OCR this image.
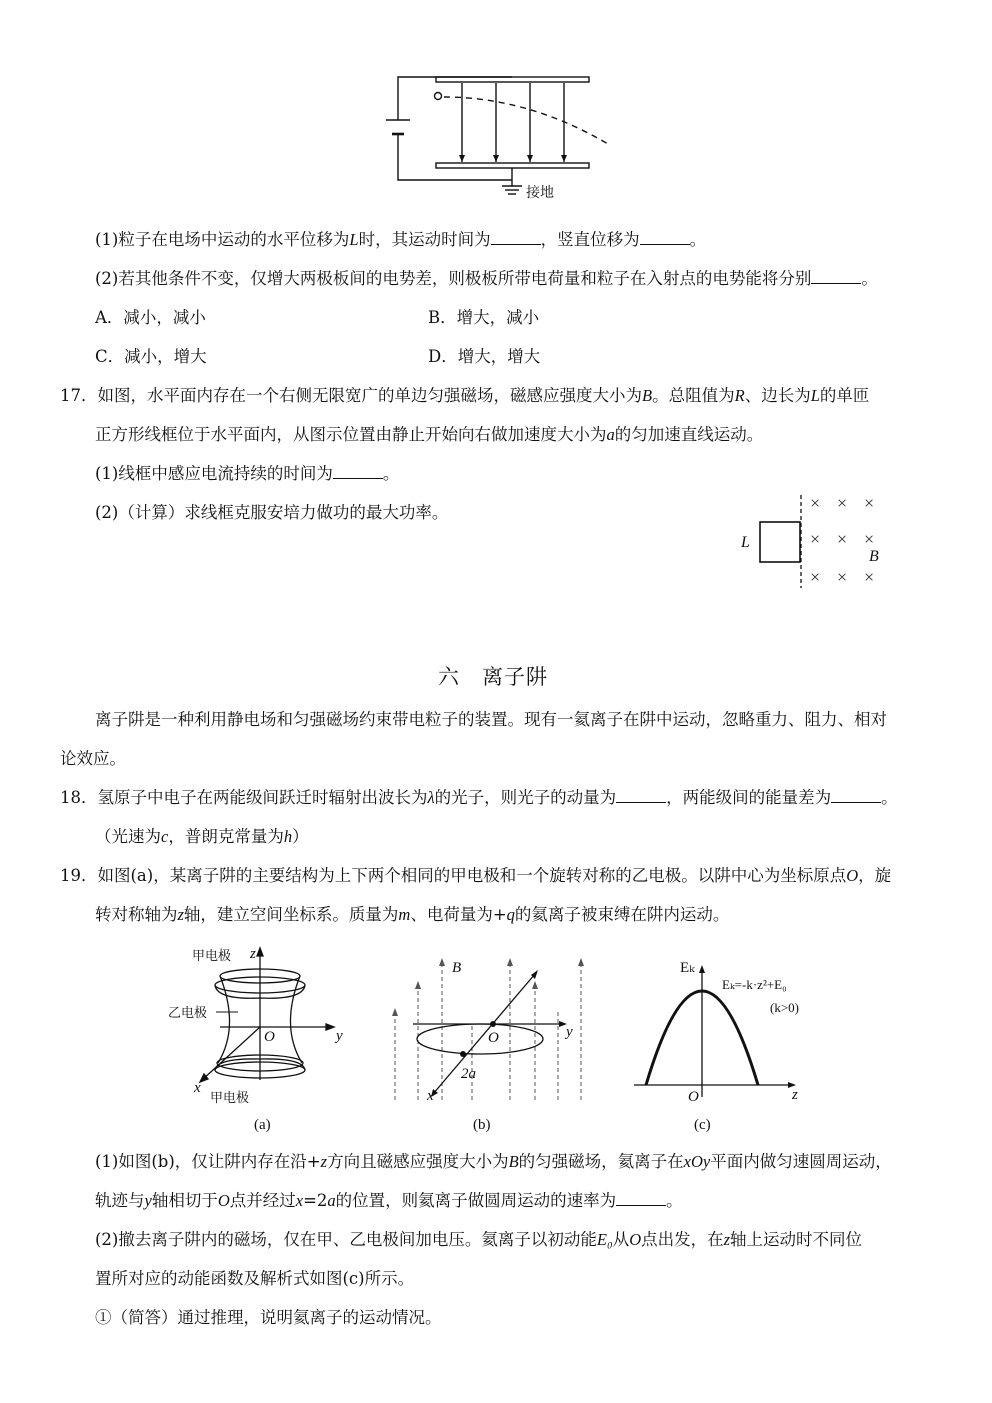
接地
(1)粒子在电场中运动的水平位移为L时，其运动时间为	，竖直位移为	。
(2)若其他条件不变，仅增大两极板间的电势差，则极板所带电荷量和粒子在入射点的电势能将分别	。
A．减小，减小	B．增大，减小
C．减小，增大	D．增大，增大
17．如图，水平面内存在一个右侧无限宽广的单边匀强磁场，磁感应强度大小为B。总阻值为R、边长为L的单匝
正方形线框位于水平面内，从图示位置由静止开始向右做加速度大小为a的匀加速直线运动。
(1)线框中感应电流持续的时间为	。
(2)（计算）求线框克服安培力做功的最大功率。
L
B
× × ×
× × ×
× × ×
六　离子阱
离子阱是一种利用静电场和匀强磁场约束带电粒子的装置。现有一氦离子在阱中运动，忽略重力、阻力、相对
论效应。
18．氢原子中电子在两能级间跃迁时辐射出波长为λ的光子，则光子的动量为	，两能级间的能量差为	。
（光速为c，普朗克常量为h）
19．如图(a)，某离子阱的主要结构为上下两个相同的甲电极和一个旋转对称的乙电极。以阱中心为坐标原点O，旋
转对称轴为z轴，建立空间坐标系。质量为m、电荷量为+q的氦离子被束缚在阱内运动。
甲电极
乙电极
甲电极
z
y
x
O
(a)
B
y
x
O
2a
(b)
Eₖ
Eₖ=-k·z²+E₀
(k>0)
O	z
(c)
(1)如图(b)，仅让阱内存在沿+z方向且磁感应强度大小为B的匀强磁场，氦离子在xOy平面内做匀速圆周运动，
轨迹与y轴相切于O点并经过x=2a的位置，则氦离子做圆周运动的速率为	。
(2)撤去离子阱内的磁场，仅在甲、乙电极间加电压。氦离子以初动能E₀从O点出发，在z轴上运动时不同位
置所对应的动能函数及解析式如图(c)所示。
①（简答）通过推理，说明氦离子的运动情况。
